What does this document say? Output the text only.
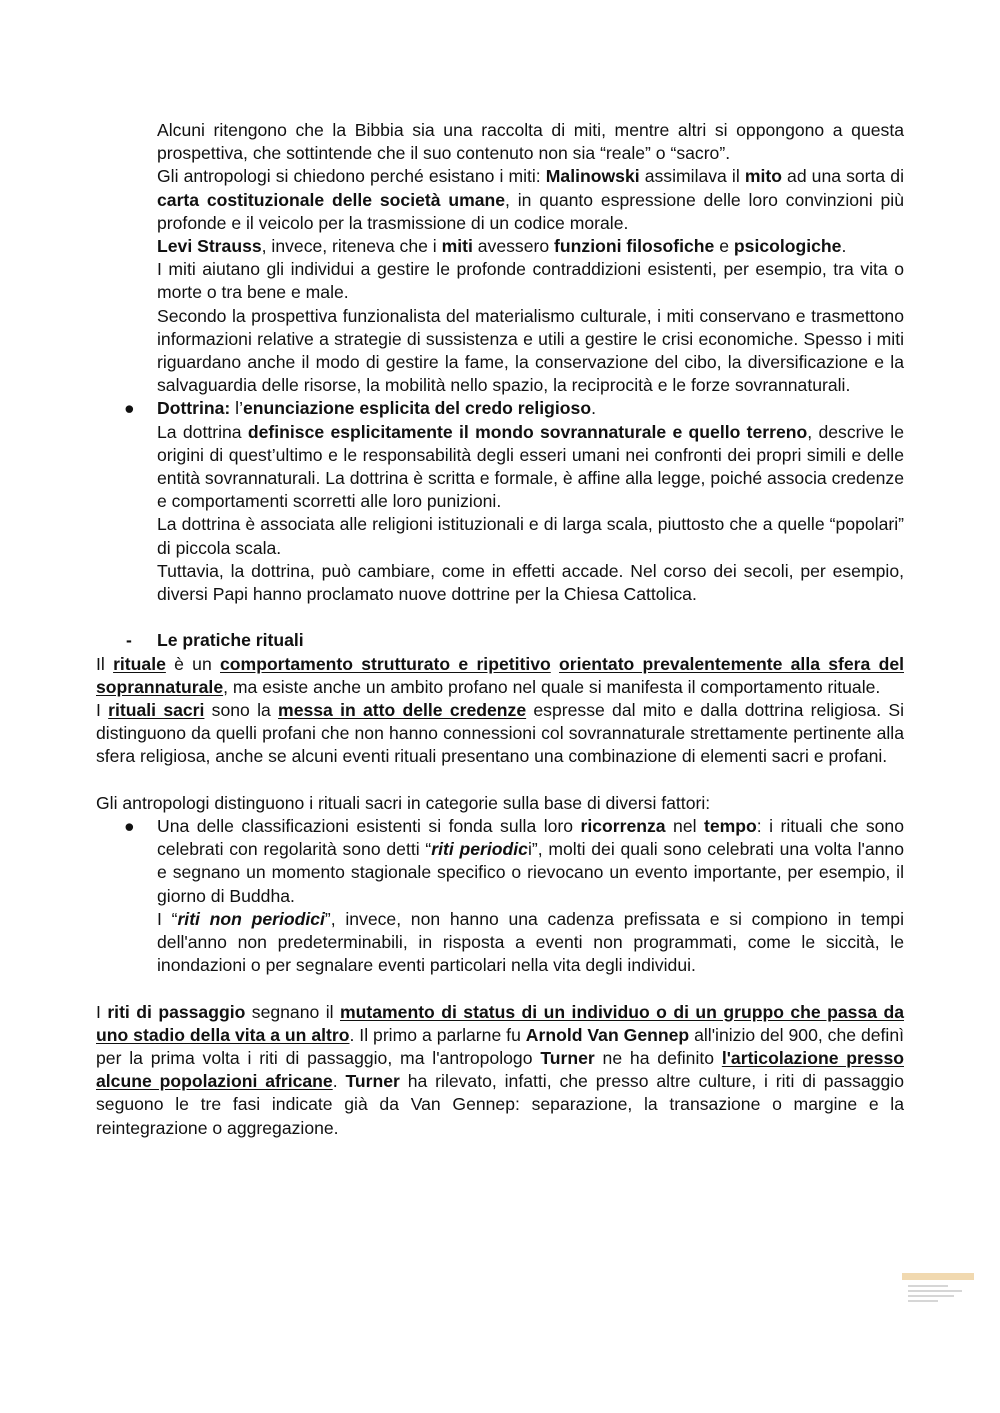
Alcuni ritengono che la Bibbia sia una raccolta di miti, mentre altri si oppongono a questa prospettiva, che sottintende che il suo contenuto non sia “reale” o “sacro”.

Gli antropologi si chiedono perché esistano i miti: Malinowski assimilava il mito ad una sorta di carta costituzionale delle società umane, in quanto espressione delle loro convinzioni più profonde e il veicolo per la trasmissione di un codice morale.

Levi Strauss, invece, riteneva che i miti avessero funzioni filosofiche e psicologiche.

I miti aiutano gli individui a gestire le profonde contraddizioni esistenti, per esempio, tra vita o morte o tra bene e male.

Secondo la prospettiva funzionalista del materialismo culturale, i miti conservano e trasmettono informazioni relative a strategie di sussistenza e utili a gestire le crisi economiche. Spesso i miti riguardano anche il modo di gestire la fame, la conservazione del cibo, la diversificazione e la salvaguardia delle risorse, la mobilità nello spazio, la reciprocità e le forze sovrannaturali.

● Dottrina: l’enunciazione esplicita del credo religioso.

La dottrina definisce esplicitamente il mondo sovrannaturale e quello terreno, descrive le origini di quest’ultimo e le responsabilità degli esseri umani nei confronti dei propri simili e delle entità sovrannaturali. La dottrina è scritta e formale, è affine alla legge, poiché associa credenze e comportamenti scorretti alle loro punizioni.

La dottrina è associata alle religioni istituzionali e di larga scala, piuttosto che a quelle “popolari” di piccola scala.

Tuttavia, la dottrina, può cambiare, come in effetti accade. Nel corso dei secoli, per esempio, diversi Papi hanno proclamato nuove dottrine per la Chiesa Cattolica.

- Le pratiche rituali

Il rituale è un comportamento strutturato e ripetitivo orientato prevalentemente alla sfera del soprannaturale, ma esiste anche un ambito profano nel quale si manifesta il comportamento rituale.

I rituali sacri sono la messa in atto delle credenze espresse dal mito e dalla dottrina religiosa. Si distinguono da quelli profani che non hanno connessioni col sovrannaturale strettamente pertinente alla sfera religiosa, anche se alcuni eventi rituali presentano una combinazione di elementi sacri e profani.

Gli antropologi distinguono i rituali sacri in categorie sulla base di diversi fattori:

● Una delle classificazioni esistenti si fonda sulla loro ricorrenza nel tempo: i rituali che sono celebrati con regolarità sono detti “riti periodici”, molti dei quali sono celebrati una volta l'anno e segnano un momento stagionale specifico o rievocano un evento importante, per esempio, il giorno di Buddha.

I “riti non periodici”, invece, non hanno una cadenza prefissata e si compiono in tempi dell'anno non predeterminabili, in risposta a eventi non programmati, come le siccità, le inondazioni o per segnalare eventi particolari nella vita degli individui.

I riti di passaggio segnano il mutamento di status di un individuo o di un gruppo che passa da uno stadio della vita a un altro. Il primo a parlarne fu Arnold Van Gennep all'inizio del 900, che definì per la prima volta i riti di passaggio, ma l'antropologo Turner ne ha definito l'articolazione presso alcune popolazioni africane. Turner ha rilevato, infatti, che presso altre culture, i riti di passaggio seguono le tre fasi indicate già da Van Gennep: separazione, la transazione o margine e la reintegrazione o aggregazione.
